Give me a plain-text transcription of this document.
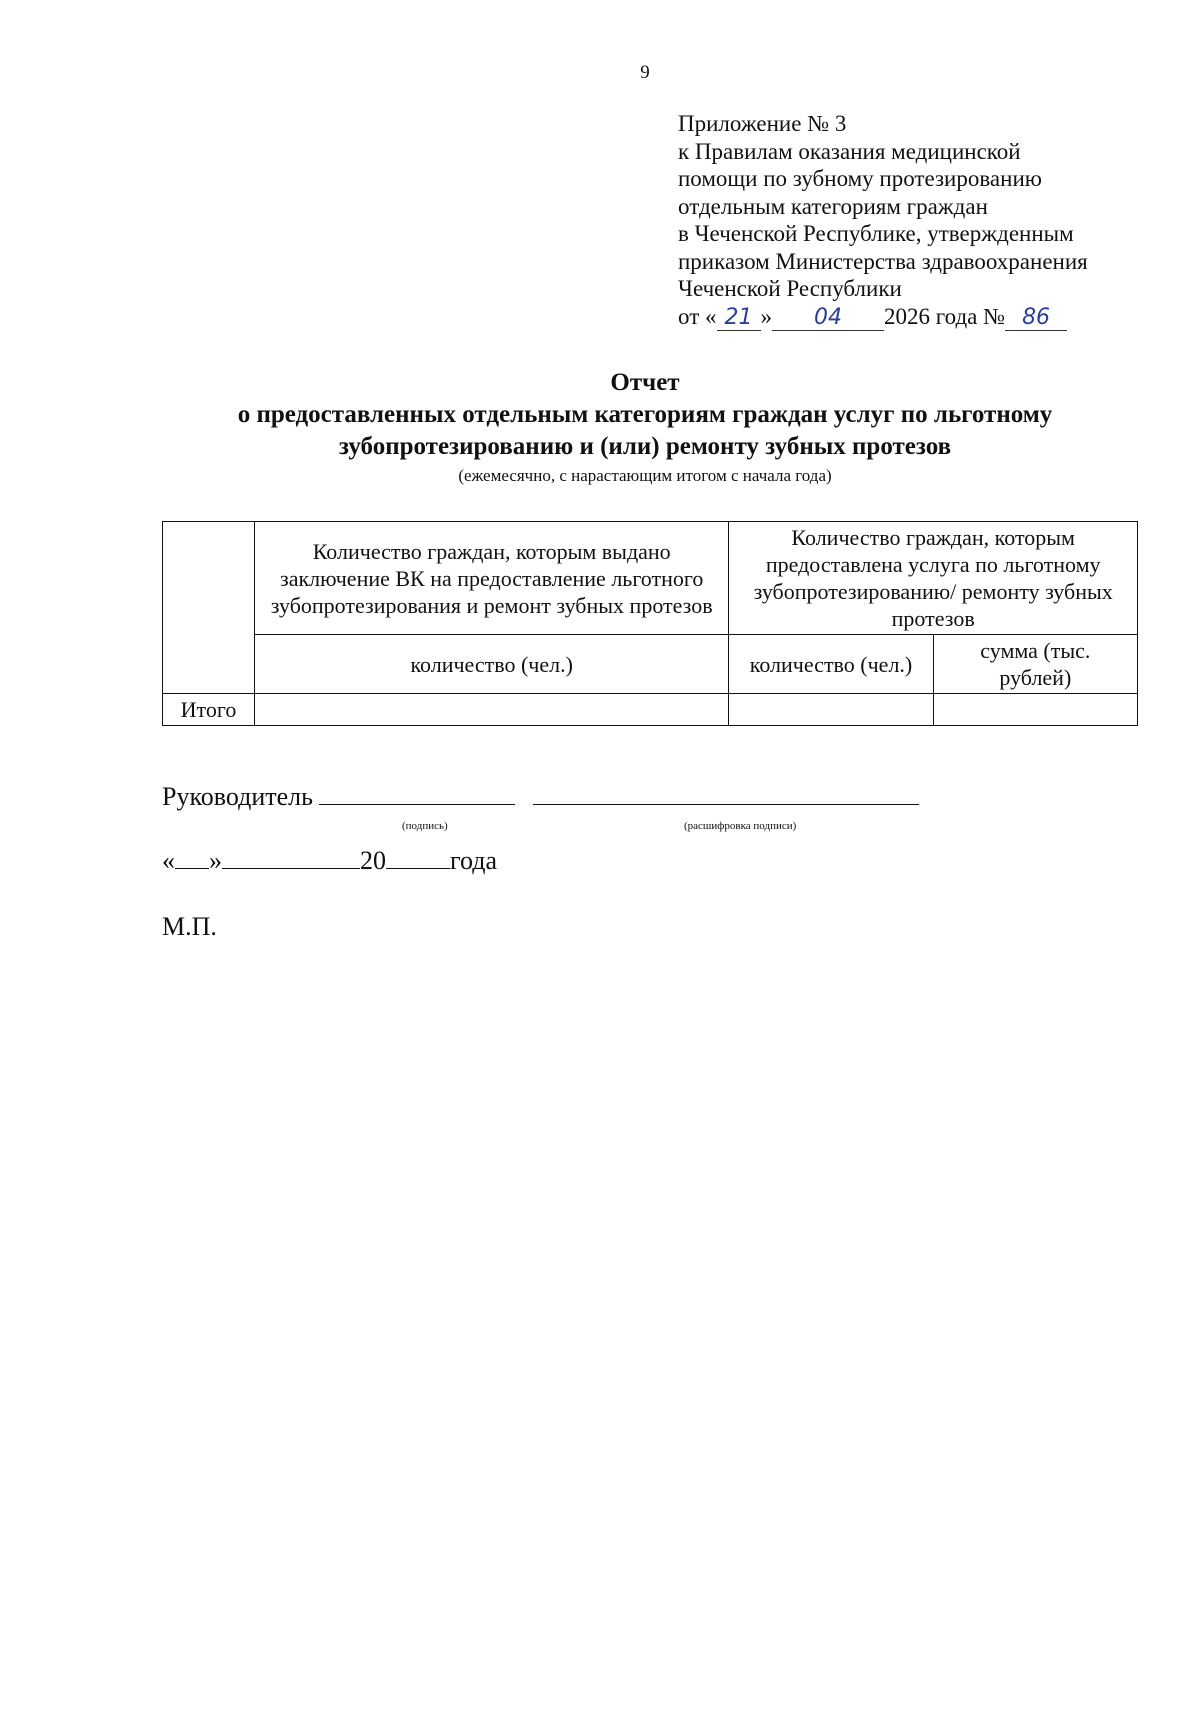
9
Приложение № 3
к Правилам оказания медицинской
помощи по зубному протезированию
отдельным категориям граждан
в Чеченской Республике, утвержденным
приказом Министерства здравоохранения
Чеченской Республики
от « 21 » 04 2026 года № 86
Отчет
о предоставленных отдельным категориям граждан услуг по льготному
зубопротезированию и (или) ремонту зубных протезов
(ежемесячно, с нарастающим итогом с начала года)
	Количество граждан, которым выдано заключение ВК на предоставление льготного зубопротезирования и ремонт зубных протезов	Количество граждан, которым предоставлена услуга по льготному зубопротезированию/ ремонту зубных протезов	
	количество (чел.)	количество (чел.)	сумма (тыс. рублей)
Итого			
Руководитель
(подпись)	(расшифровка подписи)
« »	20 года
М.П.
